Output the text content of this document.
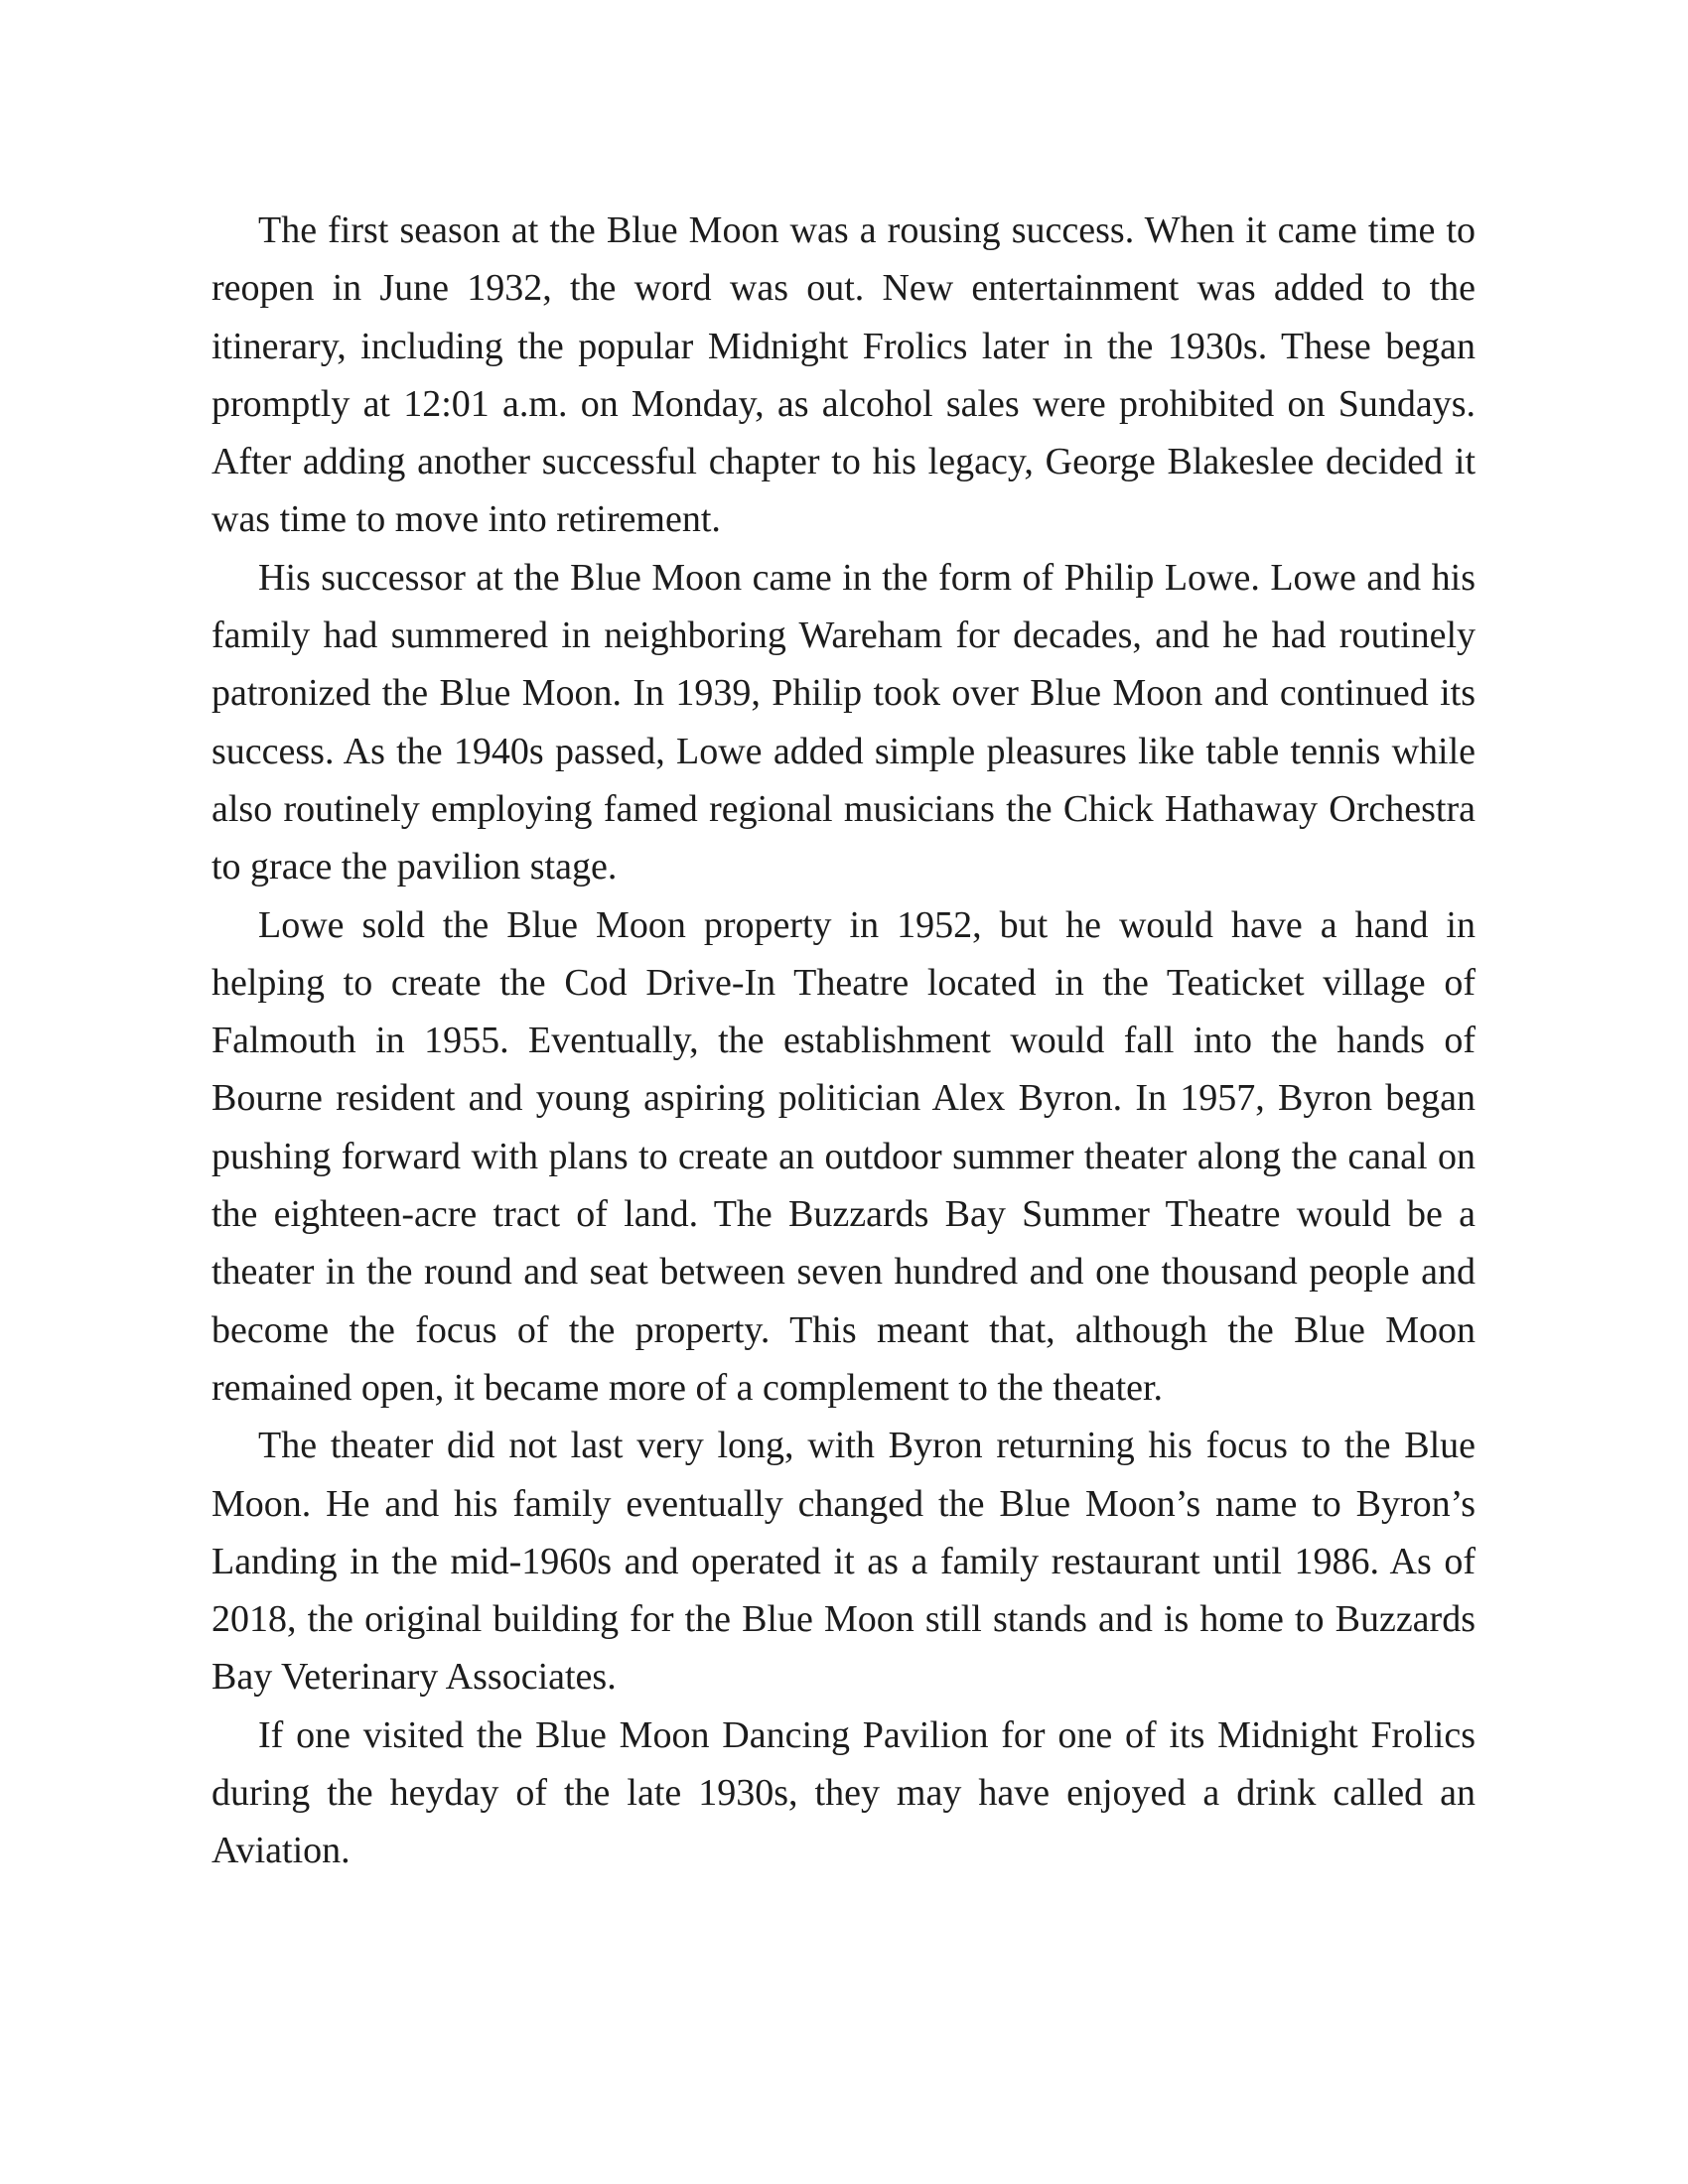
The first season at the Blue Moon was a rousing success. When it came time to reopen in June 1932, the word was out. New entertainment was added to the itinerary, including the popular Midnight Frolics later in the 1930s. These began promptly at 12:01 a.m. on Monday, as alcohol sales were prohibited on Sundays. After adding another successful chapter to his legacy, George Blakeslee decided it was time to move into retirement.

His successor at the Blue Moon came in the form of Philip Lowe. Lowe and his family had summered in neighboring Wareham for decades, and he had routinely patronized the Blue Moon. In 1939, Philip took over Blue Moon and continued its success. As the 1940s passed, Lowe added simple pleasures like table tennis while also routinely employing famed regional musicians the Chick Hathaway Orchestra to grace the pavilion stage.

Lowe sold the Blue Moon property in 1952, but he would have a hand in helping to create the Cod Drive-In Theatre located in the Teaticket village of Falmouth in 1955. Eventually, the establishment would fall into the hands of Bourne resident and young aspiring politician Alex Byron. In 1957, Byron began pushing forward with plans to create an outdoor summer theater along the canal on the eighteen-acre tract of land. The Buzzards Bay Summer Theatre would be a theater in the round and seat between seven hundred and one thousand people and become the focus of the property. This meant that, although the Blue Moon remained open, it became more of a complement to the theater.

The theater did not last very long, with Byron returning his focus to the Blue Moon. He and his family eventually changed the Blue Moon’s name to Byron’s Landing in the mid-1960s and operated it as a family restaurant until 1986. As of 2018, the original building for the Blue Moon still stands and is home to Buzzards Bay Veterinary Associates.

If one visited the Blue Moon Dancing Pavilion for one of its Midnight Frolics during the heyday of the late 1930s, they may have enjoyed a drink called an Aviation.
